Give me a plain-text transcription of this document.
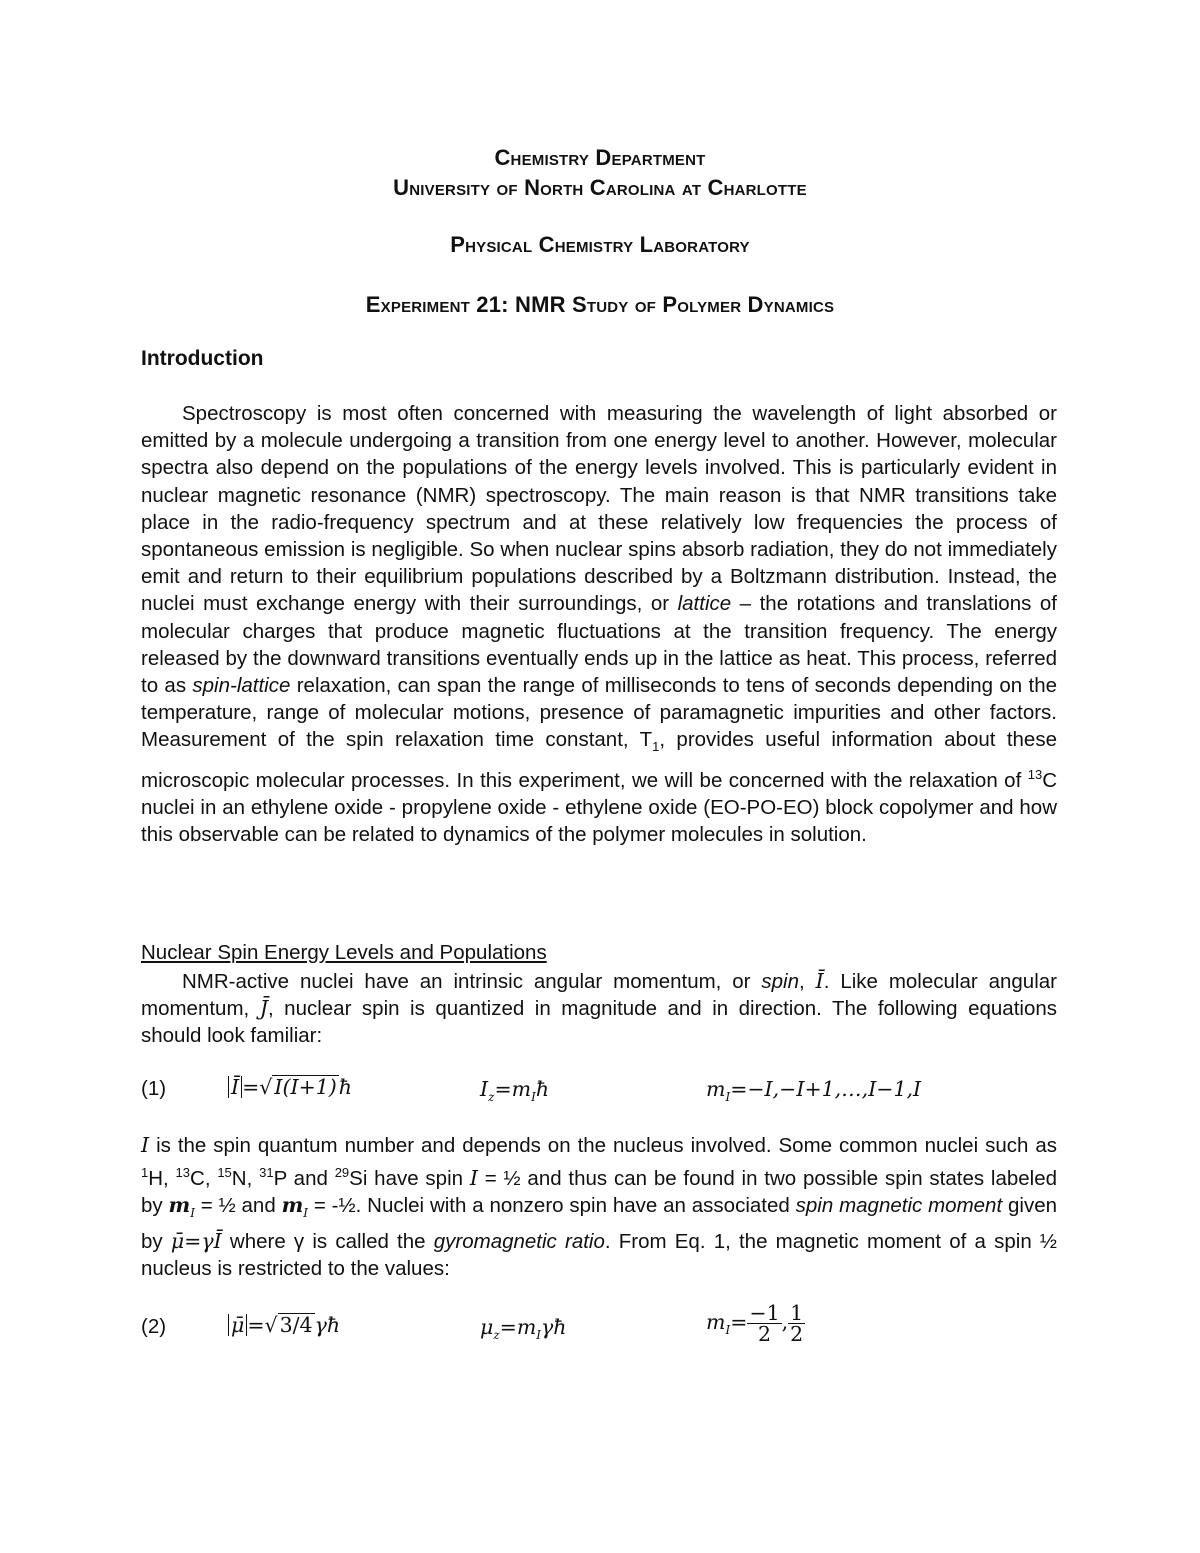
Chemistry Department
University of North Carolina at Charlotte
Physical Chemistry Laboratory
Experiment 21: NMR Study of Polymer Dynamics
Introduction
Spectroscopy is most often concerned with measuring the wavelength of light absorbed or emitted by a molecule undergoing a transition from one energy level to another. However, molecular spectra also depend on the populations of the energy levels involved. This is particularly evident in nuclear magnetic resonance (NMR) spectroscopy. The main reason is that NMR transitions take place in the radio-frequency spectrum and at these relatively low frequencies the process of spontaneous emission is negligible. So when nuclear spins absorb radiation, they do not immediately emit and return to their equilibrium populations described by a Boltzmann distribution. Instead, the nuclei must exchange energy with their surroundings, or lattice – the rotations and translations of molecular charges that produce magnetic fluctuations at the transition frequency. The energy released by the downward transitions eventually ends up in the lattice as heat. This process, referred to as spin-lattice relaxation, can span the range of milliseconds to tens of seconds depending on the temperature, range of molecular motions, presence of paramagnetic impurities and other factors. Measurement of the spin relaxation time constant, $T_1$, provides useful information about these microscopic molecular processes. In this experiment, we will be concerned with the relaxation of $^{13}$C nuclei in an ethylene oxide - propylene oxide - ethylene oxide (EO-PO-EO) block copolymer and how this observable can be related to dynamics of the polymer molecules in solution.
Nuclear Spin Energy Levels and Populations
NMR-active nuclei have an intrinsic angular momentum, or spin, Ī. Like molecular angular momentum, J̄, nuclear spin is quantized in magnitude and in direction. The following equations should look familiar:
(1)	Ī =√I(I+1)ħ	$I_z=m_Iħ$	$m_I=-I,-I+1,\dots,I-1,I$
I is the spin quantum number and depends on the nucleus involved. Some common nuclei such as $^1$H, $^{13}$C, $^{15}$N, $^{31}$P and $^{29}$Si have spin I = ½ and thus can be found in two possible spin states labeled by $m_I$ = ½ and $m_I$ = -½. Nuclei with a nonzero spin have an associated spin magnetic moment given by μ̄=γĪ where γ is called the gyromagnetic ratio. From Eq. 1, the magnetic moment of a spin ½ nucleus is restricted to the values:
(2)	μ̄ =√3/4γħ	$\mu_z=m_I\gamma ħ$	$m_I= \frac{-1}{2}$ , $\frac{1}{2}$
